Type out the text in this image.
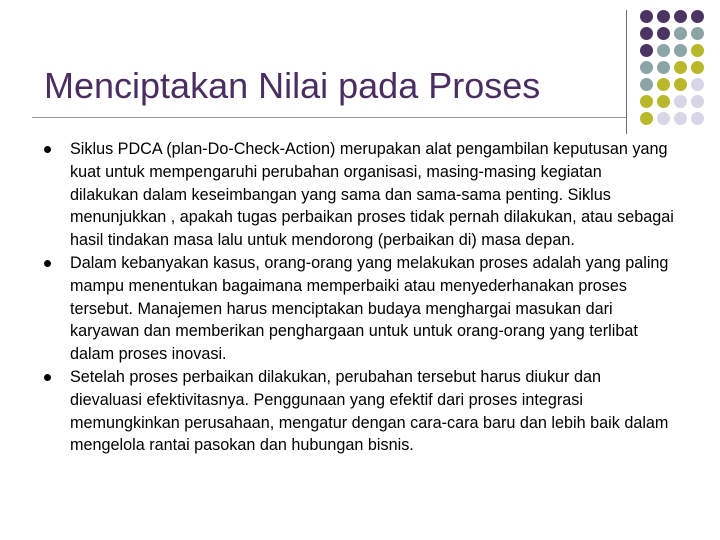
Menciptakan Nilai pada Proses
Siklus PDCA (plan-Do-Check-Action) merupakan alat pengambilan keputusan yang kuat untuk mempengaruhi perubahan organisasi, masing-masing kegiatan dilakukan dalam keseimbangan yang sama dan sama-sama penting. Siklus menunjukkan , apakah tugas perbaikan proses tidak pernah dilakukan, atau sebagai hasil tindakan masa lalu untuk mendorong (perbaikan di) masa depan.
Dalam kebanyakan kasus, orang-orang yang melakukan proses adalah yang paling mampu menentukan bagaimana memperbaiki atau menyederhanakan proses tersebut. Manajemen harus menciptakan budaya menghargai masukan dari karyawan dan memberikan penghargaan untuk untuk orang-orang yang terlibat dalam proses inovasi.
Setelah proses perbaikan dilakukan, perubahan tersebut harus diukur dan dievaluasi efektivitasnya. Penggunaan yang efektif dari proses integrasi memungkinkan perusahaan, mengatur dengan cara-cara baru dan lebih baik dalam mengelola rantai pasokan dan hubungan bisnis.
